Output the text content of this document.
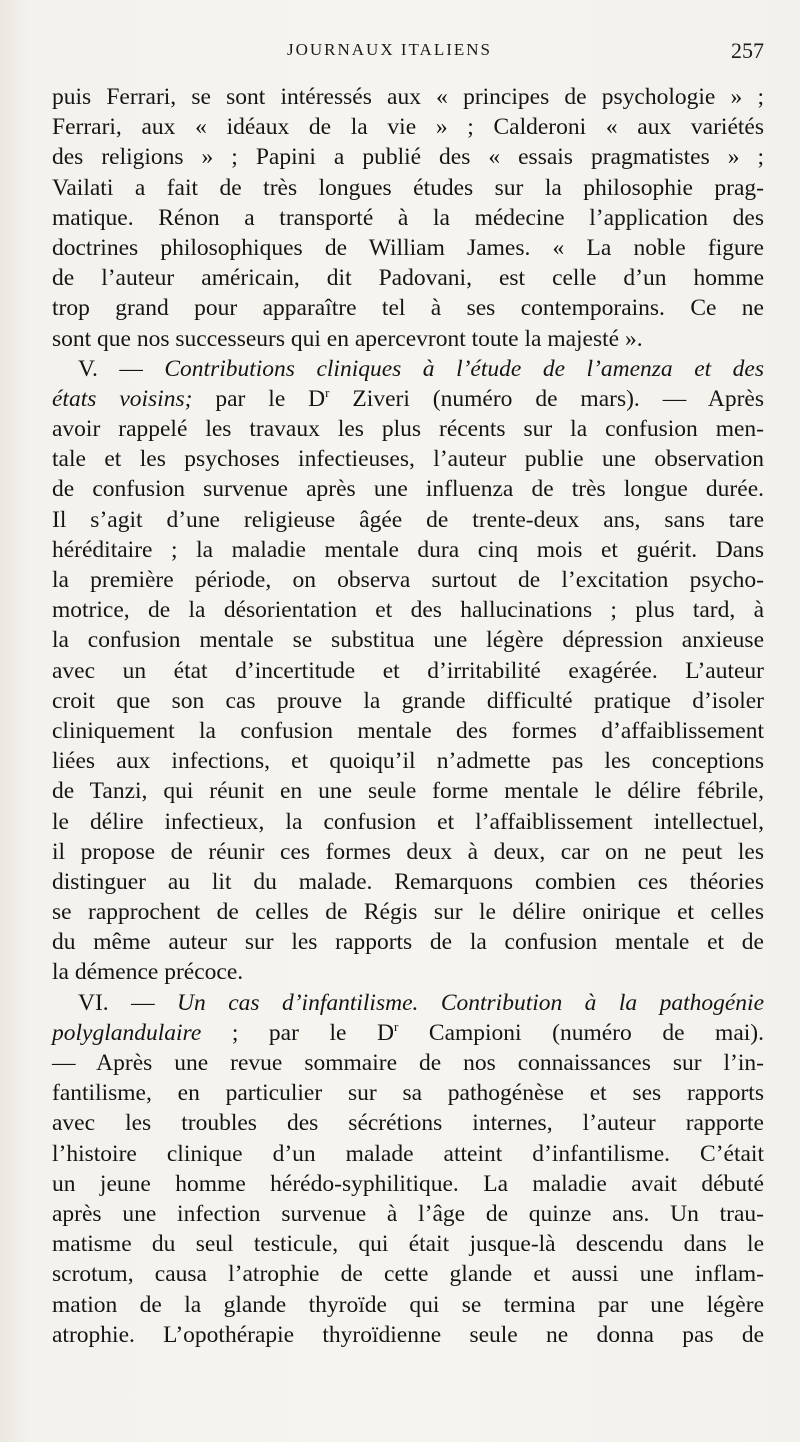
JOURNAUX ITALIENS	257
puis Ferrari, se sont intéressés aux « principes de psychologie » ;
Ferrari, aux « idéaux de la vie » ; Calderoni « aux variétés
des religions » ; Papini a publié des « essais pragmatistes » ;
Vailati a fait de très longues études sur la philosophie prag-
matique. Rénon a transporté à la médecine l’application des
doctrines philosophiques de William James. « La noble figure
de l’auteur américain, dit Padovani, est celle d’un homme
trop grand pour apparaître tel à ses contemporains. Ce ne
sont que nos successeurs qui en apercevront toute la majesté ».
V. — Contributions cliniques à l’étude de l’amenza et des
états voisins; par le $D^r$ Ziveri (numéro de mars). — Après
avoir rappelé les travaux les plus récents sur la confusion men-
tale et les psychoses infectieuses, l’auteur publie une observation
de confusion survenue après une influenza de très longue durée.
Il s’agit d’une religieuse âgée de trente-deux ans, sans tare
héréditaire ; la maladie mentale dura cinq mois et guérit. Dans
la première période, on observa surtout de l’excitation psycho-
motrice, de la désorientation et des hallucinations ; plus tard, à
la confusion mentale se substitua une légère dépression anxieuse
avec un état d’incertitude et d’irritabilité exagérée. L’auteur
croit que son cas prouve la grande difficulté pratique d’isoler
cliniquement la confusion mentale des formes d’affaiblissement
liées aux infections, et quoiqu’il n’admette pas les conceptions
de Tanzi, qui réunit en une seule forme mentale le délire fébrile,
le délire infectieux, la confusion et l’affaiblissement intellectuel,
il propose de réunir ces formes deux à deux, car on ne peut les
distinguer au lit du malade. Remarquons combien ces théories
se rapprochent de celles de Régis sur le délire onirique et celles
du même auteur sur les rapports de la confusion mentale et de
la démence précoce.
VI. — Un cas d’infantilisme. Contribution à la pathogénie
polyglandulaire ; par le $D^r$ Campioni (numéro de mai).
— Après une revue sommaire de nos connaissances sur l’in-
fantilisme, en particulier sur sa pathogénèse et ses rapports
avec les troubles des sécrétions internes, l’auteur rapporte
l’histoire clinique d’un malade atteint d’infantilisme. C’était
un jeune homme hérédo-syphilitique. La maladie avait débuté
après une infection survenue à l’âge de quinze ans. Un trau-
matisme du seul testicule, qui était jusque-là descendu dans le
scrotum, causa l’atrophie de cette glande et aussi une inflam-
mation de la glande thyroïde qui se termina par une légère
atrophie. L’opothérapie thyroïdienne seule ne donna pas de
